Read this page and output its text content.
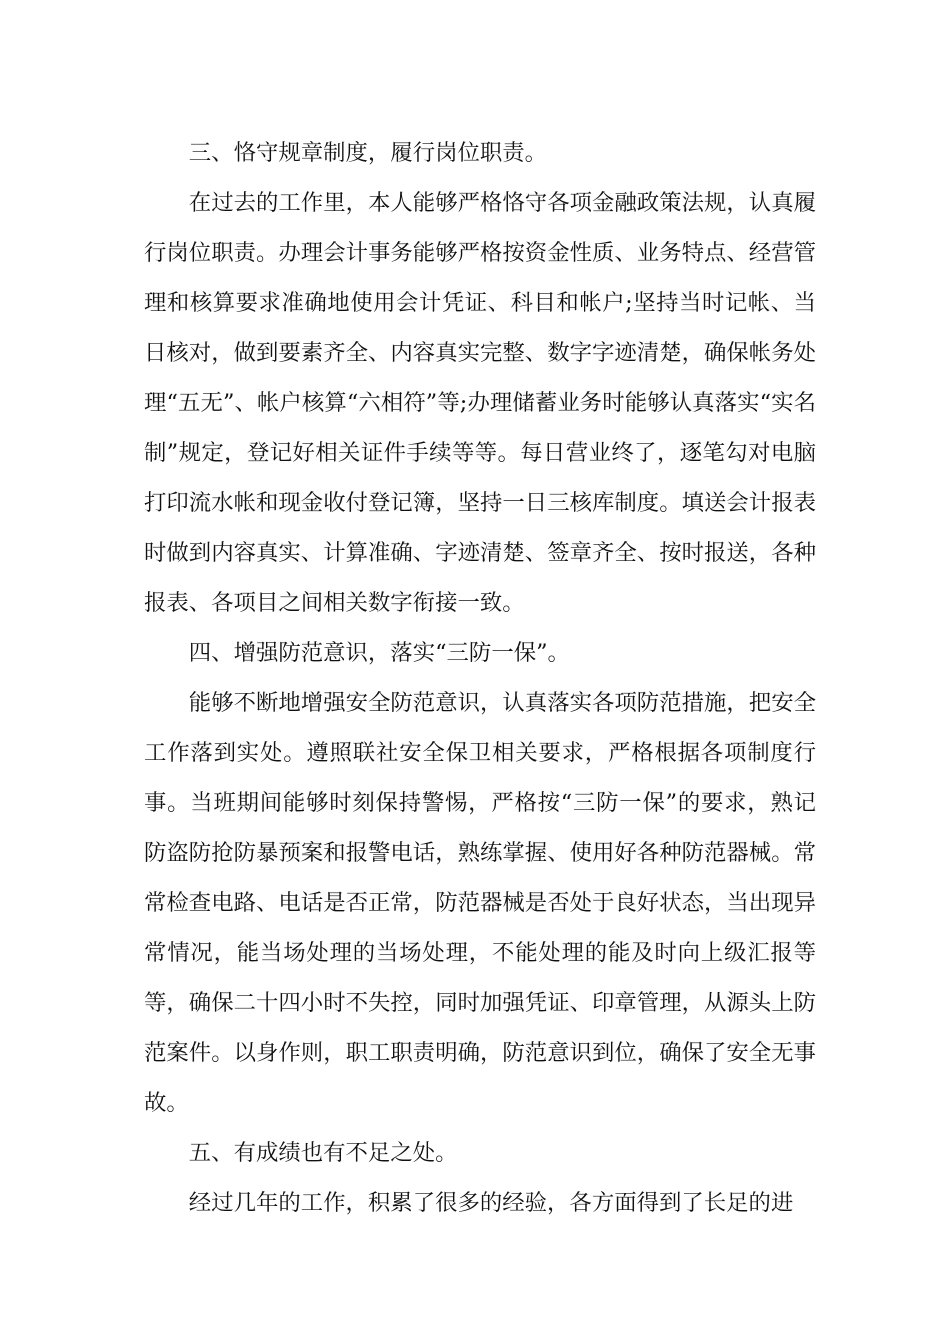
三、恪守规章制度，履行岗位职责。

在过去的工作里，本人能够严格恪守各项金融政策法规，认真履行岗位职责。办理会计事务能够严格按资金性质、业务特点、经营管理和核算要求准确地使用会计凭证、科目和帐户;坚持当时记帐、当日核对，做到要素齐全、内容真实完整、数字字迹清楚，确保帐务处理“五无”、帐户核算“六相符”等;办理储蓄业务时能够认真落实“实名制”规定，登记好相关证件手续等等。每日营业终了，逐笔勾对电脑打印流水帐和现金收付登记簿，坚持一日三核库制度。填送会计报表时做到内容真实、计算准确、字迹清楚、签章齐全、按时报送，各种报表、各项目之间相关数字衔接一致。

四、增强防范意识，落实“三防一保”。

能够不断地增强安全防范意识，认真落实各项防范措施，把安全工作落到实处。遵照联社安全保卫相关要求，严格根据各项制度行事。当班期间能够时刻保持警惕，严格按“三防一保”的要求，熟记防盗防抢防暴预案和报警电话，熟练掌握、使用好各种防范器械。常常检查电路、电话是否正常，防范器械是否处于良好状态，当出现异常情况，能当场处理的当场处理，不能处理的能及时向上级汇报等等，确保二十四小时不失控，同时加强凭证、印章管理，从源头上防范案件。以身作则，职工职责明确，防范意识到位，确保了安全无事故。

五、有成绩也有不足之处。

经过几年的工作，积累了很多的经验，各方面得到了长足的进
